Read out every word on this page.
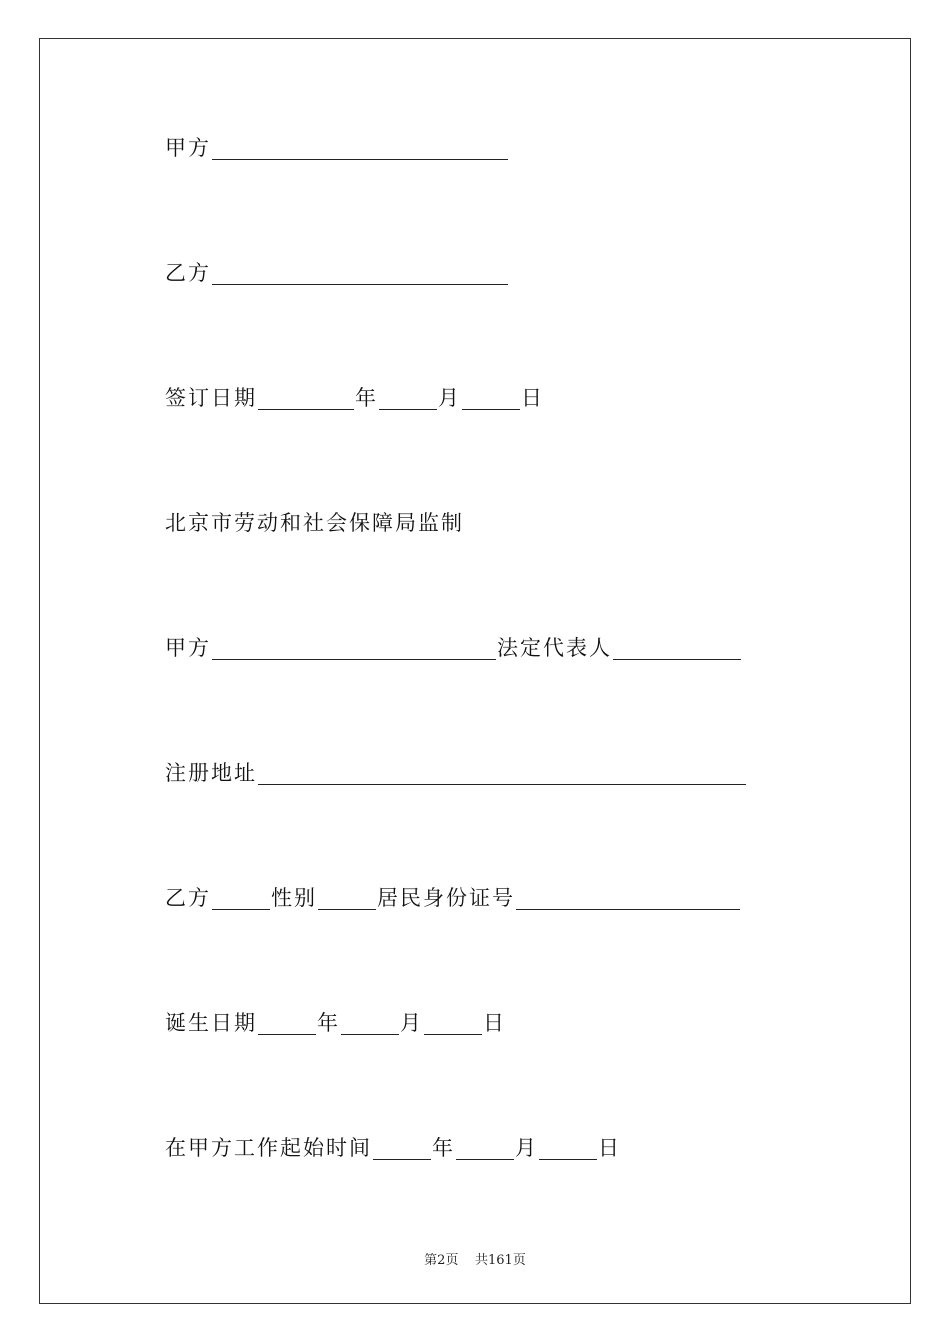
甲方
乙方
签订日期	年	月	日
北京市劳动和社会保障局监制
甲方	法定代表人
注册地址
乙方	性别	居民身份证号
诞生日期	年	月	日
在甲方工作起始时间	年	月	日
第2页 共161页
